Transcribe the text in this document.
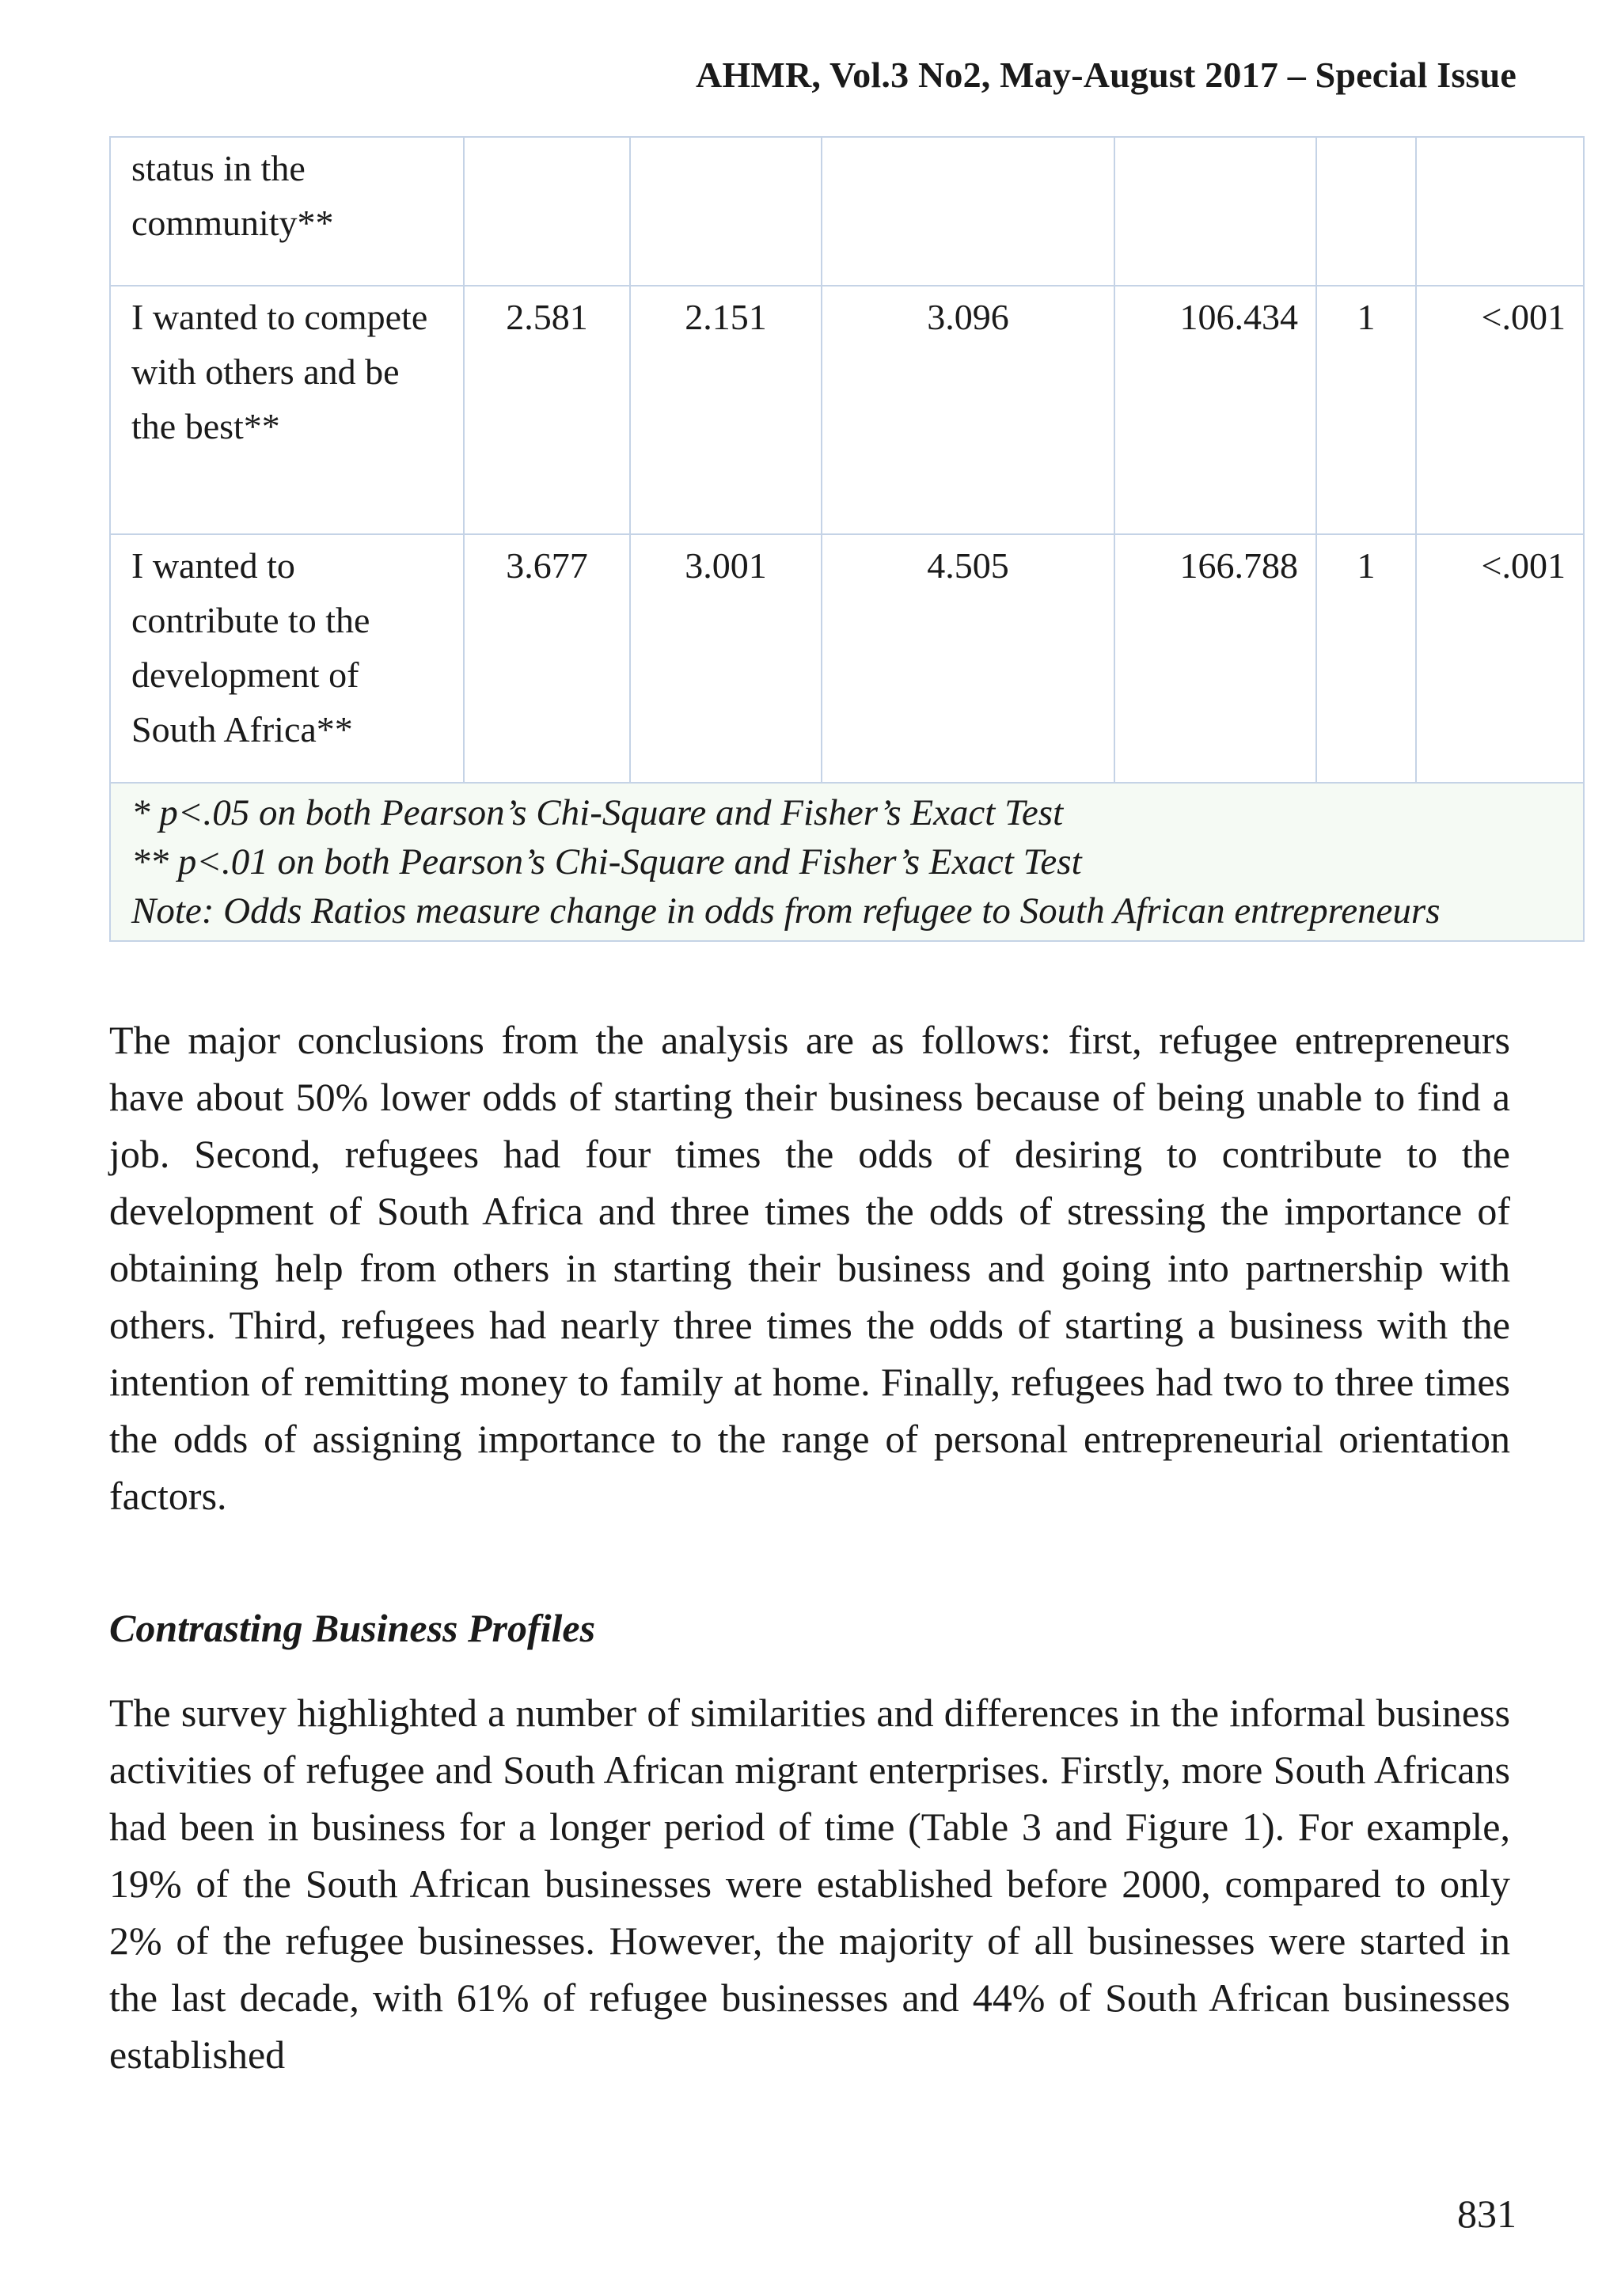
AHMR, Vol.3 No2, May-August 2017 – Special Issue
status in the community**						
I wanted to compete with others and be the best**	2.581	2.151	3.096	106.434	1	<.001
I wanted to contribute to the development of South Africa**	3.677	3.001	4.505	166.788	1	<.001

* p<.05 on both Pearson’s Chi-Square and Fisher’s Exact Test
** p<.01 on both Pearson’s Chi-Square and Fisher’s Exact Test
Note: Odds Ratios measure change in odds from refugee to South African entrepreneurs						

The major conclusions from the analysis are as follows: first, refugee entrepreneurs have about 50% lower odds of starting their business because of being unable to find a job. Second, refugees had four times the odds of desiring to contribute to the development of South Africa and three times the odds of stressing the importance of obtaining help from others in starting their business and going into partnership with others. Third, refugees had nearly three times the odds of starting a business with the intention of remitting money to family at home. Finally, refugees had two to three times the odds of assigning importance to the range of personal entrepreneurial orientation factors.

Contrasting Business Profiles

The survey highlighted a number of similarities and differences in the informal business activities of refugee and South African migrant enterprises. Firstly, more South Africans had been in business for a longer period of time (Table 3 and Figure 1). For example, 19% of the South African businesses were established before 2000, compared to only 2% of the refugee businesses. However, the majority of all businesses were started in the last decade, with 61% of refugee businesses and 44% of South African businesses established

831
